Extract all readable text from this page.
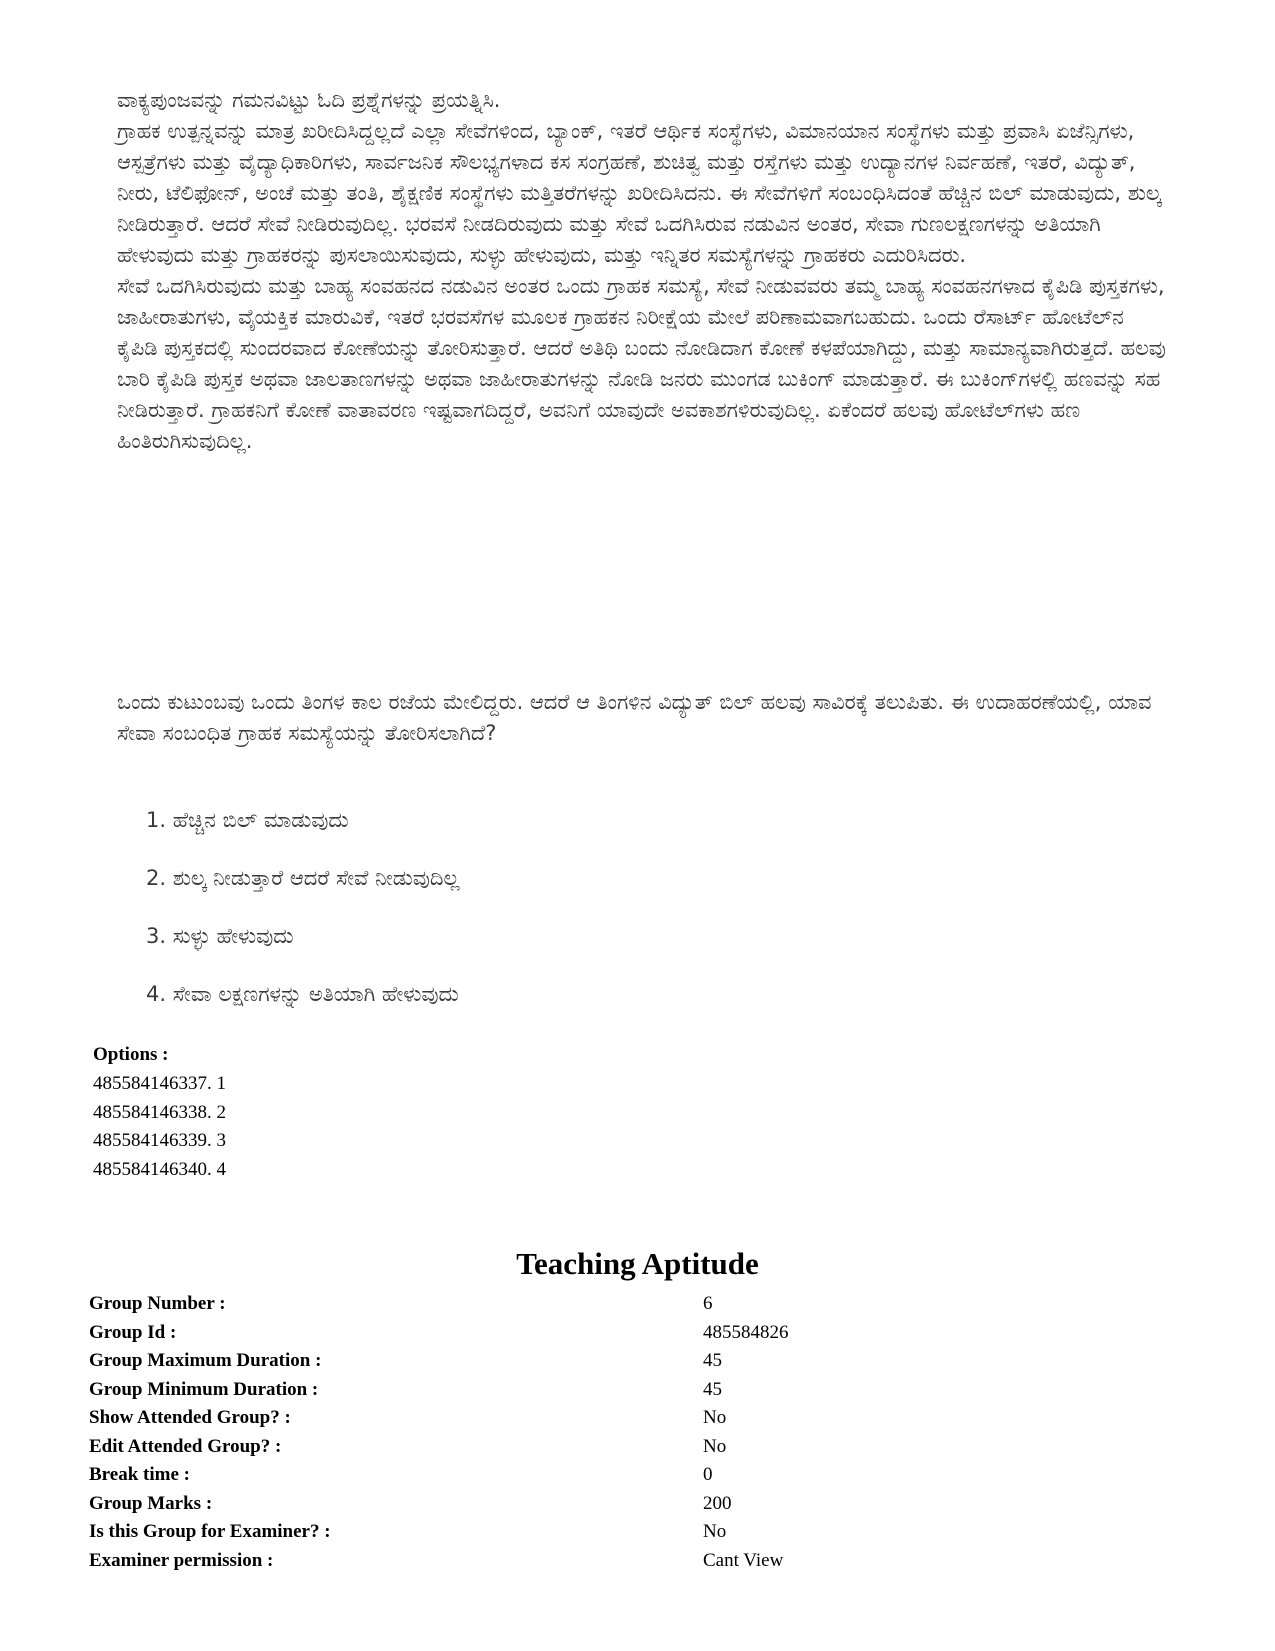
ವಾಕ್ಯಪುಂಜವನ್ನು ಗಮನವಿಟ್ಟು ಓದಿ ಪ್ರಶ್ನೆಗಳನ್ನು ಪ್ರಯತ್ನಿಸಿ.

ಗ್ರಾಹಕ ಉತ್ಪನ್ನವನ್ನು ಮಾತ್ರ ಖರೀದಿಸಿದ್ದಲ್ಲದೆ ಎಲ್ಲಾ ಸೇವೆಗಳಿಂದ, ಬ್ಯಾಂಕ್, ಇತರೆ ಆರ್ಥಿಕ ಸಂಸ್ಥೆಗಳು, ವಿಮಾನಯಾನ ಸಂಸ್ಥೆಗಳು ಮತ್ತು ಪ್ರವಾಸಿ ಏಜೆನ್ಸಿಗಳು, ಆಸ್ಪತ್ರೆಗಳು ಮತ್ತು ವೈದ್ಯಾಧಿಕಾರಿಗಳು, ಸಾರ್ವಜನಿಕ ಸೌಲಭ್ಯಗಳಾದ ಕಸ ಸಂಗ್ರಹಣೆ, ಶುಚಿತ್ವ ಮತ್ತು ರಸ್ತೆಗಳು ಮತ್ತು ಉದ್ಯಾನಗಳ ನಿರ್ವಹಣೆ, ಇತರೆ, ವಿದ್ಯುತ್, ನೀರು, ಟೆಲಿಫೋನ್, ಅಂಚೆ ಮತ್ತು ತಂತಿ, ಶೈಕ್ಷಣಿಕ ಸಂಸ್ಥೆಗಳು ಮತ್ತಿತರೆಗಳನ್ನು ಖರೀದಿಸಿದನು. ಈ ಸೇವೆಗಳಿಗೆ ಸಂಬಂಧಿಸಿದಂತೆ ಹೆಚ್ಚಿನ ಬಿಲ್ ಮಾಡುವುದು, ಶುಲ್ಕ ನೀಡಿರುತ್ತಾರೆ. ಆದರೆ ಸೇವೆ ನೀಡಿರುವುದಿಲ್ಲ. ಭರವಸೆ ನೀಡದಿರುವುದು ಮತ್ತು ಸೇವೆ ಒದಗಿಸಿರುವ ನಡುವಿನ ಅಂತರ, ಸೇವಾ ಗುಣಲಕ್ಷಣಗಳನ್ನು ಅತಿಯಾಗಿ ಹೇಳುವುದು ಮತ್ತು ಗ್ರಾಹಕರನ್ನು ಪುಸಲಾಯಿಸುವುದು, ಸುಳ್ಳು ಹೇಳುವುದು, ಮತ್ತು ಇನ್ನಿತರ ಸಮಸ್ಯೆಗಳನ್ನು ಗ್ರಾಹಕರು ಎದುರಿಸಿದರು.

ಸೇವೆ ಒದಗಿಸಿರುವುದು ಮತ್ತು ಬಾಹ್ಯ ಸಂವಹನದ ನಡುವಿನ ಅಂತರ ಒಂದು ಗ್ರಾಹಕ ಸಮಸ್ಯೆ, ಸೇವೆ ನೀಡುವವರು ತಮ್ಮ ಬಾಹ್ಯ ಸಂವಹನಗಳಾದ ಕೈಪಿಡಿ ಪುಸ್ತಕಗಳು, ಜಾಹೀರಾತುಗಳು, ವೈಯಕ್ತಿಕ ಮಾರುವಿಕೆ, ಇತರೆ ಭರವಸೆಗಳ ಮೂಲಕ ಗ್ರಾಹಕನ ನಿರೀಕ್ಷೆಯ ಮೇಲೆ ಪರಿಣಾಮವಾಗಬಹುದು. ಒಂದು ರೆಸಾರ್ಟ್ ಹೋಟೆಲ್‌ನ ಕೈಪಿಡಿ ಪುಸ್ತಕದಲ್ಲಿ ಸುಂದರವಾದ ಕೋಣೆಯನ್ನು ತೋರಿಸುತ್ತಾರೆ. ಆದರೆ ಅತಿಥಿ ಬಂದು ನೋಡಿದಾಗ ಕೋಣೆ ಕಳಪೆಯಾಗಿದ್ದು, ಮತ್ತು ಸಾಮಾನ್ಯವಾಗಿರುತ್ತದೆ. ಹಲವು ಬಾರಿ ಕೈಪಿಡಿ ಪುಸ್ತಕ ಅಥವಾ ಜಾಲತಾಣಗಳನ್ನು ಅಥವಾ ಜಾಹೀರಾತುಗಳನ್ನು ನೋಡಿ ಜನರು ಮುಂಗಡ ಬುಕಿಂಗ್ ಮಾಡುತ್ತಾರೆ. ಈ ಬುಕಿಂಗ್‌ಗಳಲ್ಲಿ ಹಣವನ್ನು ಸಹ ನೀಡಿರುತ್ತಾರೆ. ಗ್ರಾಹಕನಿಗೆ ಕೋಣೆ ವಾತಾವರಣ ಇಷ್ಟವಾಗದಿದ್ದರೆ, ಅವನಿಗೆ ಯಾವುದೇ ಅವಕಾಶಗಳಿರುವುದಿಲ್ಲ. ಏಕೆಂದರೆ ಹಲವು ಹೋಟೆಲ್‌ಗಳು ಹಣ ಹಿಂತಿರುಗಿಸುವುದಿಲ್ಲ.

ಒಂದು ಕುಟುಂಬವು ಒಂದು ತಿಂಗಳ ಕಾಲ ರಜೆಯ ಮೇಲಿದ್ದರು. ಆದರೆ ಆ ತಿಂಗಳಿನ ವಿದ್ಯುತ್ ಬಿಲ್ ಹಲವು ಸಾವಿರಕ್ಕೆ ತಲುಪಿತು. ಈ ಉದಾಹರಣೆಯಲ್ಲಿ, ಯಾವ ಸೇವಾ ಸಂಬಂಧಿತ ಗ್ರಾಹಕ ಸಮಸ್ಯೆಯನ್ನು ತೋರಿಸಲಾಗಿದೆ?

1. ಹೆಚ್ಚಿನ ಬಿಲ್ ಮಾಡುವುದು
2. ಶುಲ್ಕ ನೀಡುತ್ತಾರೆ ಆದರೆ ಸೇವೆ ನೀಡುವುದಿಲ್ಲ
3. ಸುಳ್ಳು ಹೇಳುವುದು
4. ಸೇವಾ ಲಕ್ಷಣಗಳನ್ನು ಅತಿಯಾಗಿ ಹೇಳುವುದು
Options :
485584146337. 1
485584146338. 2
485584146339. 3
485584146340. 4
Teaching Aptitude
Group Number :	6
Group Id :	485584826
Group Maximum Duration :	45
Group Minimum Duration :	45
Show Attended Group? :	No
Edit Attended Group? :	No
Break time :	0
Group Marks :	200
Is this Group for Examiner? :	No
Examiner permission :	Cant View
